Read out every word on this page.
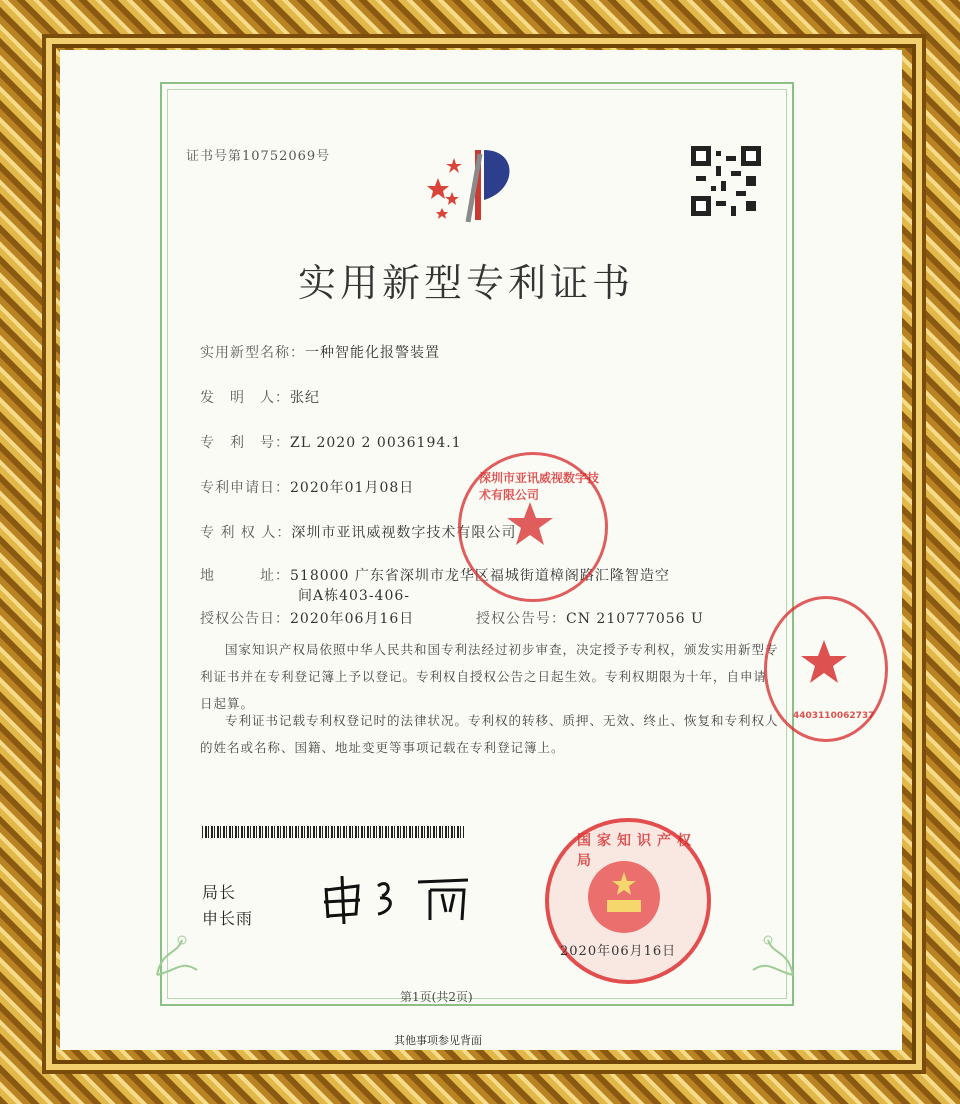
证书号第10752069号
实用新型专利证书
实用新型名称：一种智能化报警装置
发　明　人：张纪
专　利　号：ZL 2020 2 0036194.1
专利申请日：2020年01月08日
专 利 权 人：深圳市亚讯威视数字技术有限公司
地　　　址：518000 广东省深圳市龙华区福城街道樟阁路汇隆智造空
间A栋403-406-
授权公告日：2020年06月16日	授权公告号：CN 210777056 U
国家知识产权局依照中华人民共和国专利法经过初步审查，决定授予专利权，颁发实用新型专利证书并在专利登记簿上予以登记。专利权自授权公告之日起生效。专利权期限为十年，自申请日起算。
专利证书记载专利权登记时的法律状况。专利权的转移、质押、无效、终止、恢复和专利权人的姓名或名称、国籍、地址变更等事项记载在专利登记簿上。
局长
申长雨
深圳市亚讯威视数字技术有限公司
4403110062737
国家知识产权局
2020年06月16日
第1页(共2页)
其他事项参见背面
